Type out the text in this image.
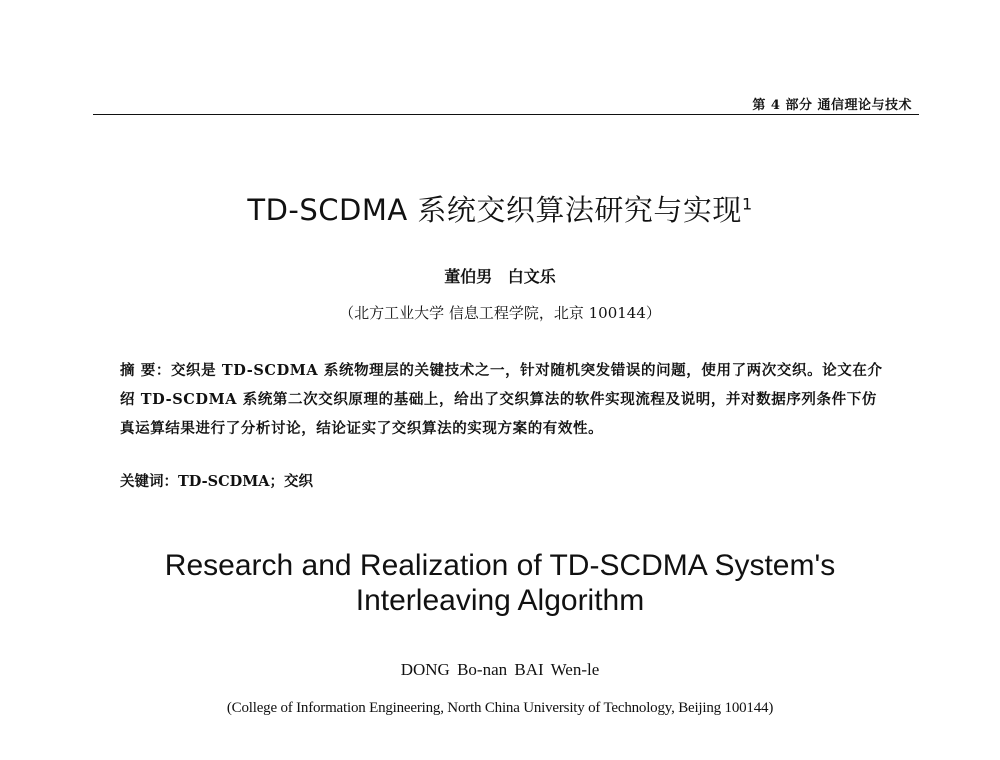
第 4 部分 通信理论与技术
TD-SCDMA 系统交织算法研究与实现$^1$
董伯男 白文乐
（北方工业大学 信息工程学院，北京 100144）
摘 要：交织是 TD-SCDMA 系统物理层的关键技术之一，针对随机突发错误的问题，使用了两次交织。论文在介绍 TD-SCDMA 系统第二次交织原理的基础上，给出了交织算法的软件实现流程及说明，并对数据序列条件下仿真运算结果进行了分析讨论，结论证实了交织算法的实现方案的有效性。
关键词：TD-SCDMA；交织
Research and Realization of TD-SCDMA System's
Interleaving Algorithm
DONG Bo-nan BAI Wen-le
(College of Information Engineering, North China University of Technology, Beijing 100144)
